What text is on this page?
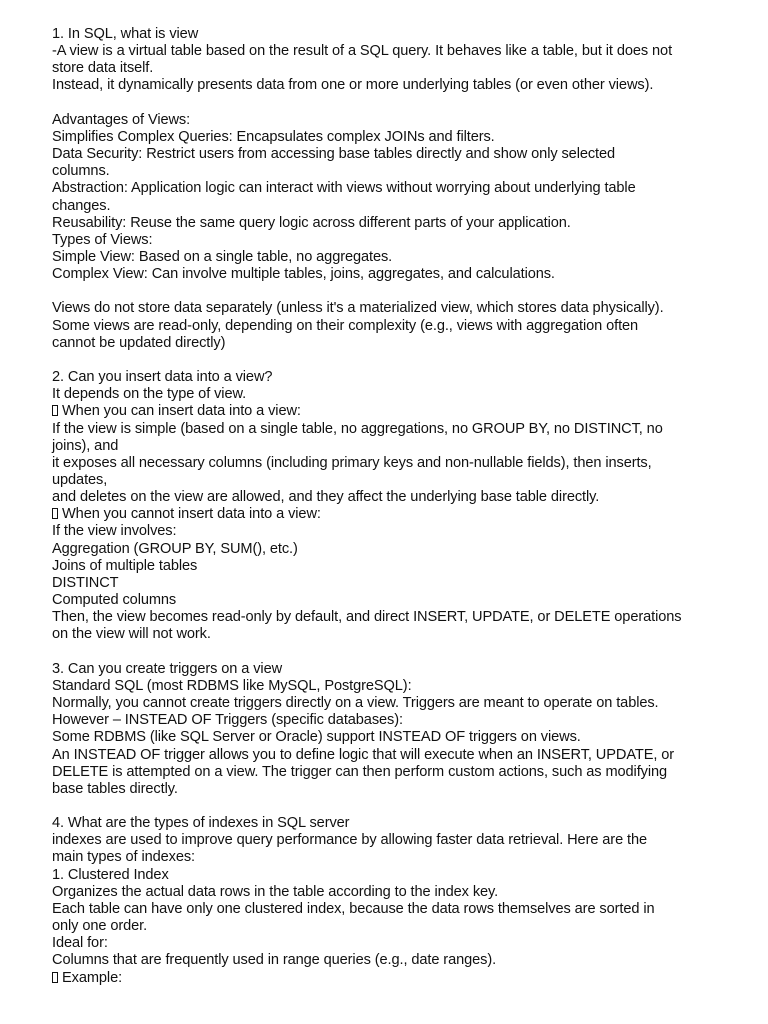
1. In SQL, what is view
-A view is a virtual table based on the result of a SQL query. It behaves like a table, but it does not
store data itself.
Instead, it dynamically presents data from one or more underlying tables (or even other views).
Advantages of Views:
Simplifies Complex Queries: Encapsulates complex JOINs and filters.
Data Security: Restrict users from accessing base tables directly and show only selected
columns.
Abstraction: Application logic can interact with views without worrying about underlying table
changes.
Reusability: Reuse the same query logic across different parts of your application.
Types of Views:
Simple View: Based on a single table, no aggregates.
Complex View: Can involve multiple tables, joins, aggregates, and calculations.
Views do not store data separately (unless it's a materialized view, which stores data physically).
Some views are read-only, depending on their complexity (e.g., views with aggregation often
cannot be updated directly)
2. Can you insert data into a view?
It depends on the type of view.
When you can insert data into a view:
If the view is simple (based on a single table, no aggregations, no GROUP BY, no DISTINCT, no
joins), and
it exposes all necessary columns (including primary keys and non-nullable fields), then inserts,
updates,
and deletes on the view are allowed, and they affect the underlying base table directly.
When you cannot insert data into a view:
If the view involves:
Aggregation (GROUP BY, SUM(), etc.)
Joins of multiple tables
DISTINCT
Computed columns
Then, the view becomes read-only by default, and direct INSERT, UPDATE, or DELETE operations
on the view will not work.
3. Can you create triggers on a view
Standard SQL (most RDBMS like MySQL, PostgreSQL):
Normally, you cannot create triggers directly on a view. Triggers are meant to operate on tables.
However – INSTEAD OF Triggers (specific databases):
Some RDBMS (like SQL Server or Oracle) support INSTEAD OF triggers on views.
An INSTEAD OF trigger allows you to define logic that will execute when an INSERT, UPDATE, or
DELETE is attempted on a view. The trigger can then perform custom actions, such as modifying
base tables directly.
4. What are the types of indexes in SQL server
indexes are used to improve query performance by allowing faster data retrieval. Here are the
main types of indexes:
1. Clustered Index
Organizes the actual data rows in the table according to the index key.
Each table can have only one clustered index, because the data rows themselves are sorted in
only one order.
Ideal for:
Columns that are frequently used in range queries (e.g., date ranges).
Example:
